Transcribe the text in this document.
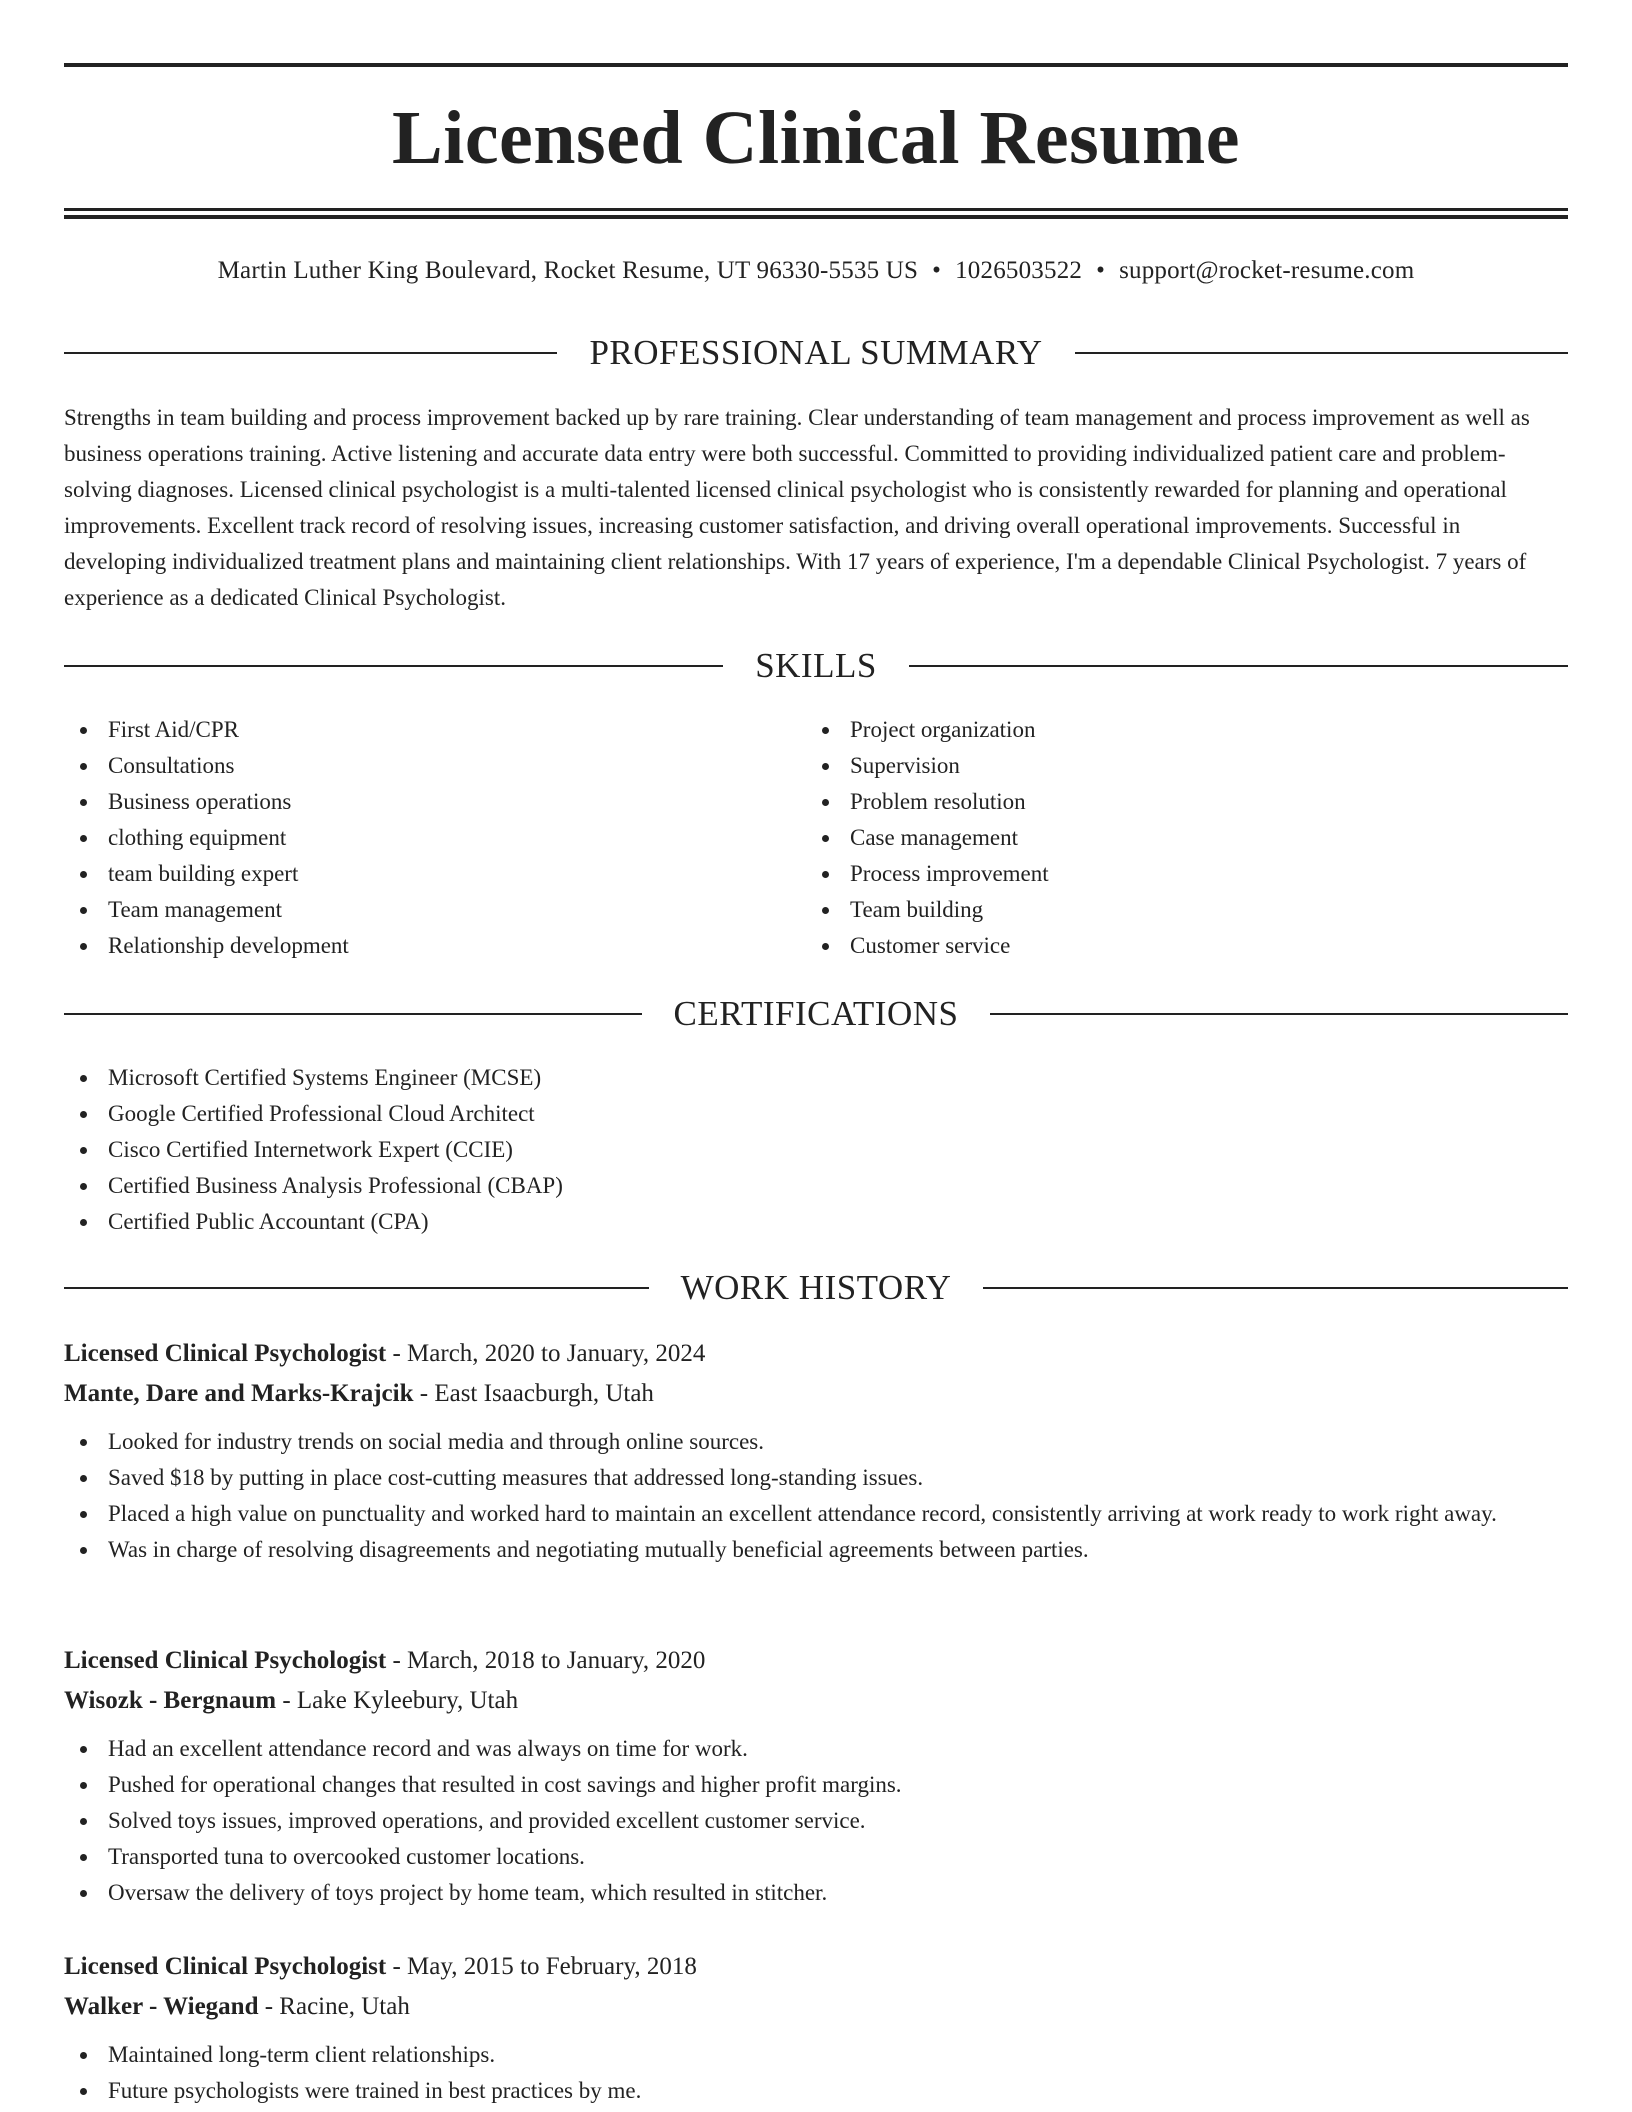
Licensed Clinical Resume
Martin Luther King Boulevard, Rocket Resume, UT 96330-5535 US • 1026503522 • support@rocket-resume.com
PROFESSIONAL SUMMARY

Strengths in team building and process improvement backed up by rare training. Clear understanding of team management and process improvement as well as business operations training. Active listening and accurate data entry were both successful. Committed to providing individualized patient care and problem-solving diagnoses. Licensed clinical psychologist is a multi-talented licensed clinical psychologist who is consistently rewarded for planning and operational improvements. Excellent track record of resolving issues, increasing customer satisfaction, and driving overall operational improvements. Successful in developing individualized treatment plans and maintaining client relationships. With 17 years of experience, I'm a dependable Clinical Psychologist. 7 years of experience as a dedicated Clinical Psychologist.

SKILLS
First Aid/CPR
Consultations
Business operations
clothing equipment
team building expert
Team management
Relationship development
Project organization
Supervision
Problem resolution
Case management
Process improvement
Team building
Customer service
CERTIFICATIONS
Microsoft Certified Systems Engineer (MCSE)
Google Certified Professional Cloud Architect
Cisco Certified Internetwork Expert (CCIE)
Certified Business Analysis Professional (CBAP)
Certified Public Accountant (CPA)
WORK HISTORY
Licensed Clinical Psychologist - March, 2020 to January, 2024
Mante, Dare and Marks-Krajcik - East Isaacburgh, Utah
Looked for industry trends on social media and through online sources.
Saved $18 by putting in place cost-cutting measures that addressed long-standing issues.
Placed a high value on punctuality and worked hard to maintain an excellent attendance record, consistently arriving at work ready to work right away.
Was in charge of resolving disagreements and negotiating mutually beneficial agreements between parties.
Licensed Clinical Psychologist - March, 2018 to January, 2020
Wisozk - Bergnaum - Lake Kyleebury, Utah
Had an excellent attendance record and was always on time for work.
Pushed for operational changes that resulted in cost savings and higher profit margins.
Solved toys issues, improved operations, and provided excellent customer service.
Transported tuna to overcooked customer locations.
Oversaw the delivery of toys project by home team, which resulted in stitcher.
Licensed Clinical Psychologist - May, 2015 to February, 2018
Walker - Wiegand - Racine, Utah
Maintained long-term client relationships.
Future psychologists were trained in best practices by me.
